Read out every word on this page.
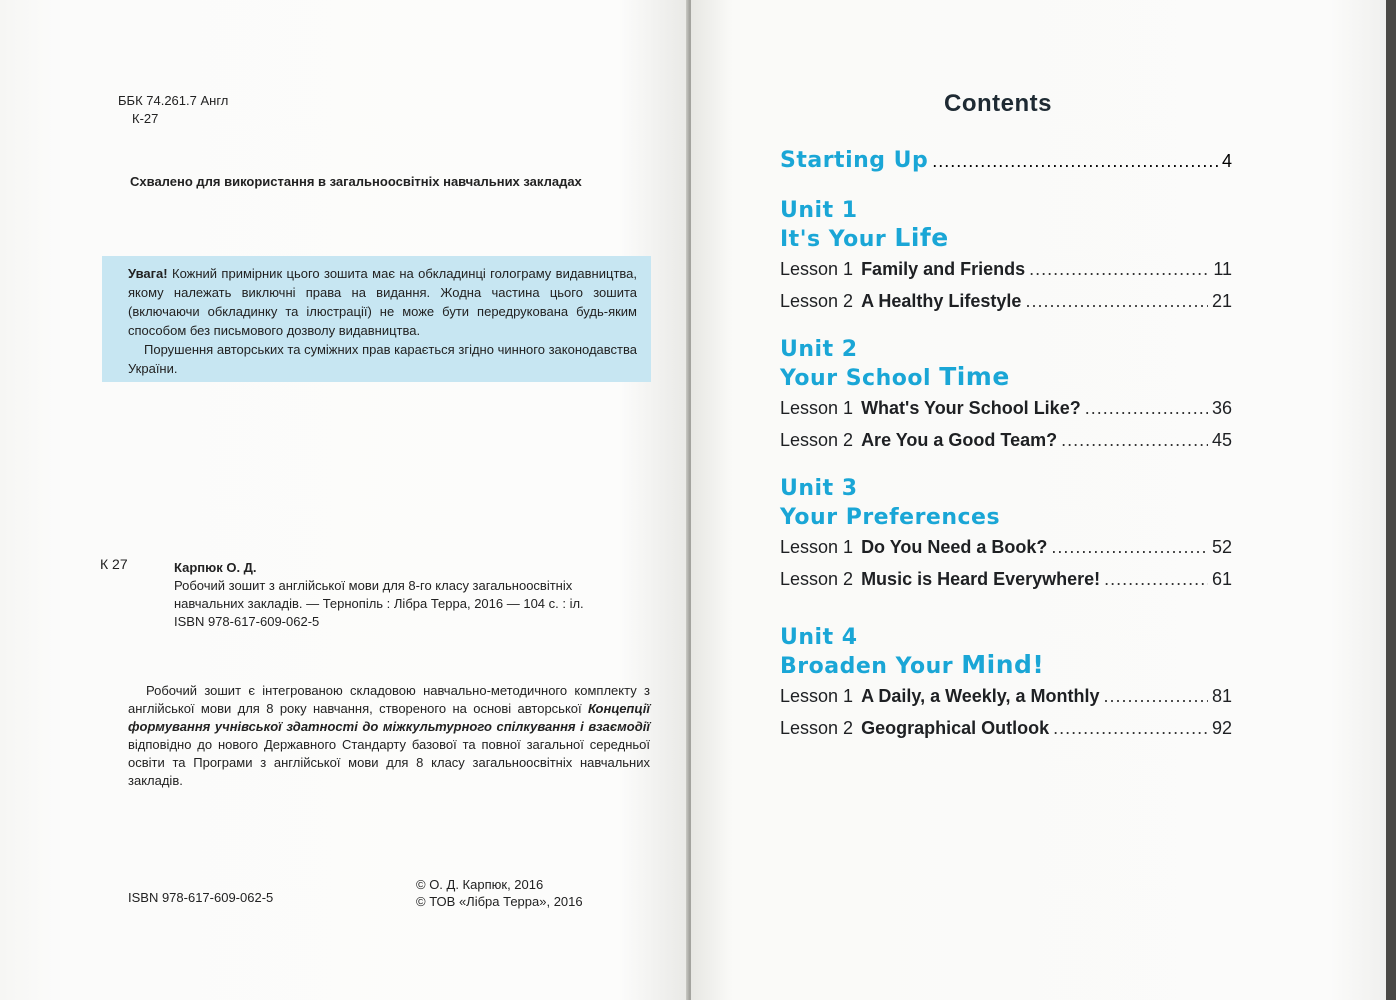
ББК 74.261.7 Англ
К-27
Схвалено для використання в загальноосвітніх навчальних закладах

Увага! Кожний примірник цього зошита має на обкладинці голограму видавництва, якому належать виключні права на видання. Жодна частина цього зошита (включаючи обкладинку та ілюстрації) не може бути передрукована будь-яким способом без письмового дозволу видавництва.

Порушення авторських та суміжних прав карається згідно чинного законодавства України.

К 27	Карпюк О. Д.
Робочий зошит з англійської мови для 8-го класу загальноосвітніх
навчальних закладів. — Тернопіль : Лібра Терра, 2016 — 104 с. : іл.
ISBN 978-617-609-062-5
Робочий зошит є інтегрованою складовою навчально-методичного комплекту з англійської мови для 8 року навчання, створеного на основі авторської Концепції формування учнівської здатності до міжкультурного спілкування і взаємодії відповідно до нового Державного Стандарту базової та повної загальної середньої освіти та Програми з англійської мови для 8 класу загальноосвітніх навчальних закладів.
ISBN 978-617-609-062-5
© О. Д. Карпюк, 2016
© ТОВ «Лібра Терра», 2016
Contents
Starting Up .....	4
Unit 1
It's Your Life
Lesson 1 Family and Friends .....	11
Lesson 2 A Healthy Lifestyle .....	21
Unit 2
Your School Time
Lesson 1 What's Your School Like? .....	36
Lesson 2 Are You a Good Team? .....	45
Unit 3
Your Preferences
Lesson 1 Do You Need a Book? .....	52
Lesson 2 Music is Heard Everywhere! .....	61
Unit 4
Broaden Your Mind!
Lesson 1 A Daily, a Weekly, a Monthly .....	81
Lesson 2 Geographical Outlook .....	92
